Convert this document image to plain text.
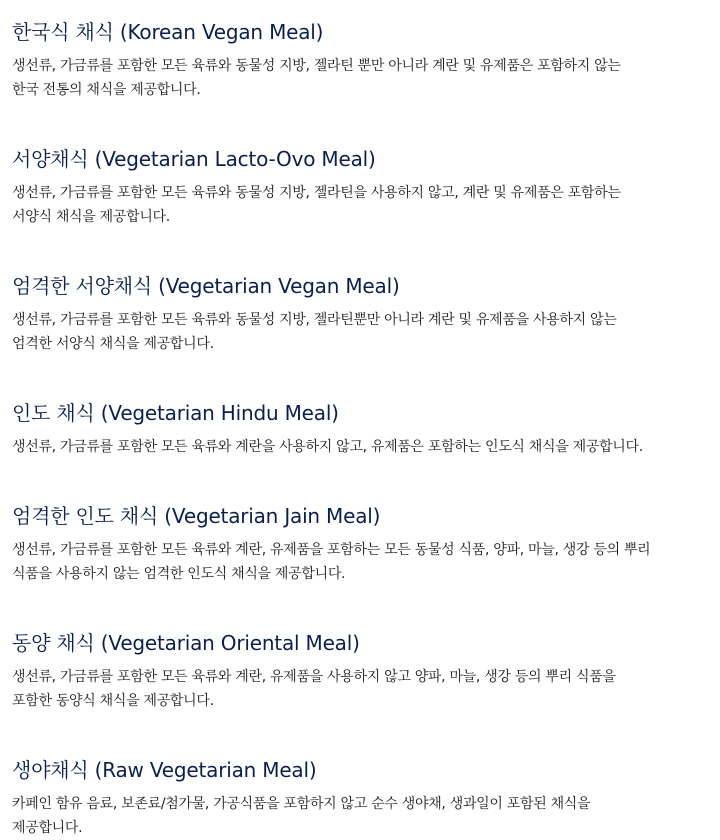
한국식 채식 (Korean Vegan Meal)

생선류, 가금류를 포함한 모든 육류와 동물성 지방, 젤라틴 뿐만 아니라 계란 및 유제품은 포함하지 않는
한국 전통의 채식을 제공합니다.

서양채식 (Vegetarian Lacto-Ovo Meal)

생선류, 가금류를 포함한 모든 육류와 동물성 지방, 젤라틴을 사용하지 않고, 계란 및 유제품은 포함하는
서양식 채식을 제공합니다.

엄격한 서양채식 (Vegetarian Vegan Meal)

생선류, 가금류를 포함한 모든 육류와 동물성 지방, 젤라틴뿐만 아니라 계란 및 유제품을 사용하지 않는
엄격한 서양식 채식을 제공합니다.

인도 채식 (Vegetarian Hindu Meal)

생선류, 가금류를 포함한 모든 육류와 계란을 사용하지 않고, 유제품은 포함하는 인도식 채식을 제공합니다.

엄격한 인도 채식 (Vegetarian Jain Meal)

생선류, 가금류를 포함한 모든 육류와 계란, 유제품을 포함하는 모든 동물성 식품, 양파, 마늘, 생강 등의 뿌리
식품을 사용하지 않는 엄격한 인도식 채식을 제공합니다.

동양 채식 (Vegetarian Oriental Meal)

생선류, 가금류를 포함한 모든 육류와 계란, 유제품을 사용하지 않고 양파, 마늘, 생강 등의 뿌리 식품을
포함한 동양식 채식을 제공합니다.

생야채식 (Raw Vegetarian Meal)

카페인 함유 음료, 보존료/첨가물, 가공식품을 포함하지 않고 순수 생야채, 생과일이 포함된 채식을
제공합니다.
